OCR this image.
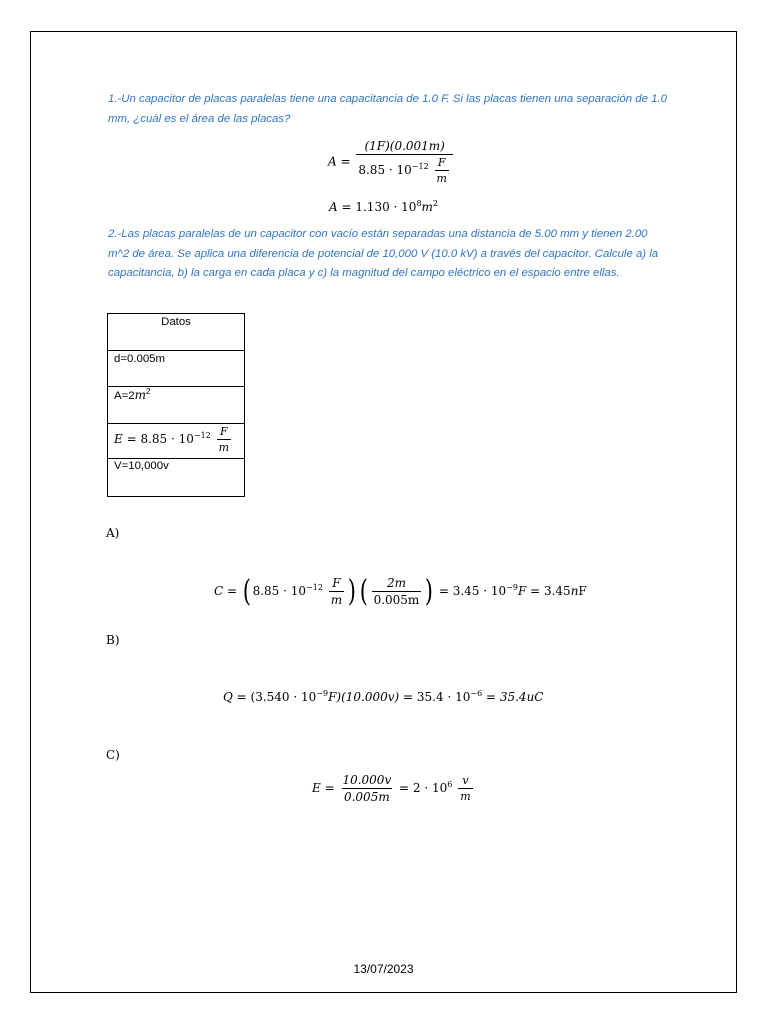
1.-Un capacitor de placas paralelas tiene una capacitancia de 1.0 F. Si las placas tienen una separación de 1.0 mm, ¿cuál es el área de las placas?

$A = \frac{(1F)(0.001m)}{8.85 \cdot 10^{-12} \frac{F}{m}}$
$A = 1.130 \cdot 10^8m^2$

2.-Las placas paralelas de un capacitor con vacío están separadas una distancia de 5.00 mm y tienen 2.00 m^2 de área. Se aplica una diferencia de potencial de 10,000 V (10.0 kV) a través del capacitor. Calcule a) la capacitancia, b) la carga en cada placa y c) la magnitud del campo eléctrico en el espacio entre ellas.

Datos
d=0.005m
$A=2m^2$
$E = 8.85 \cdot 10^{-12} \frac{F}{m}$

V=10,000v
A)
C = ( $8.85 \cdot 10^{-12} \frac{F}{m}$ ) ( $\frac{2m}{0.005m}$ ) = $3.45 \cdot 10^{-9}F = 3.45nF$
B)
$Q = (3.540 \cdot 10^{-9}F)(10.000v) = 35.4 \cdot 10^{-6} = 35.4uC$
C)
$E = \frac{10.000v}{0.005m} = 2 \cdot 10^6 \frac{v}{m}$
13/07/2023
